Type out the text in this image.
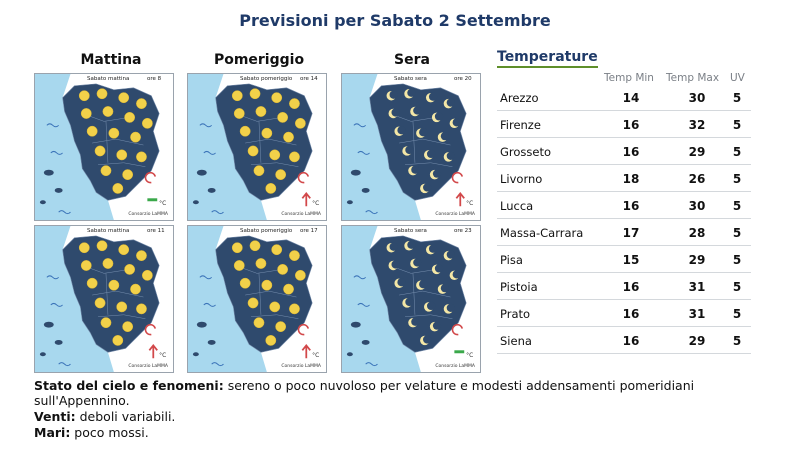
Previsioni per Sabato 2 Settembre
Mattina	Pomeriggio	Sera
°C
Sabato mattina	ore 8
Consorzio LaMMA
°C
Sabato pomeriggio ore 14
Consorzio LaMMA
°C
Sabato sera	ore 20
Consorzio LaMMA
°C
Sabato mattina	ore 11
Consorzio LaMMA
°C
Sabato pomeriggio ore 17
Consorzio LaMMA
°C
Sabato sera	ore 23
Consorzio LaMMA
Temperature
Temp Min Temp Max UV
Arezzo	14	30	5
Firenze	16	32	5
Grosseto	16	29	5
Livorno	18	26	5
Lucca	16	30	5
Massa-Carrara	17	28	5
Pisa	15	29	5
Pistoia	16	31	5
Prato	16	31	5
Siena	16	29	5
Stato del cielo e fenomeni: sereno o poco nuvoloso per velature e modesti addensamenti pomeridiani
sull'Appennino.
Venti: deboli variabili.
Mari: poco mossi.
